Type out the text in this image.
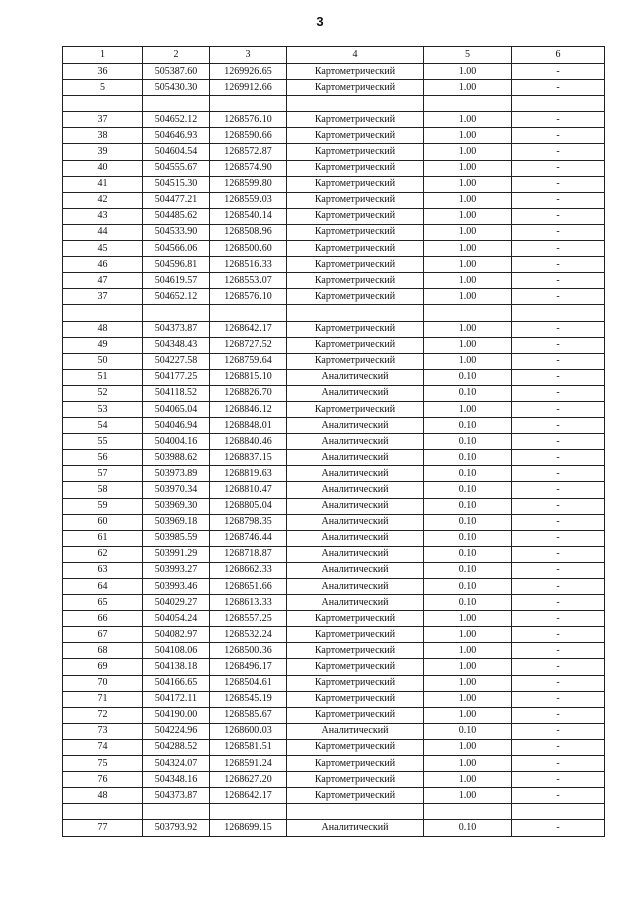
3
1	2	3	4	5	6
36	505387.60	1269926.65	Картометрический	1.00	-
5	505430.30	1269912.66	Картометрический	1.00	-

37	504652.12	1268576.10	Картометрический	1.00	-
38	504646.93	1268590.66	Картометрический	1.00	-
39	504604.54	1268572.87	Картометрический	1.00	-
40	504555.67	1268574.90	Картометрический	1.00	-
41	504515.30	1268599.80	Картометрический	1.00	-
42	504477.21	1268559.03	Картометрический	1.00	-
43	504485.62	1268540.14	Картометрический	1.00	-
44	504533.90	1268508.96	Картометрический	1.00	-
45	504566.06	1268500.60	Картометрический	1.00	-
46	504596.81	1268516.33	Картометрический	1.00	-
47	504619.57	1268553.07	Картометрический	1.00	-
37	504652.12	1268576.10	Картометрический	1.00	-

48	504373.87	1268642.17	Картометрический	1.00	-
49	504348.43	1268727.52	Картометрический	1.00	-
50	504227.58	1268759.64	Картометрический	1.00	-
51	504177.25	1268815.10	Аналитический	0.10	-
52	504118.52	1268826.70	Аналитический	0.10	-
53	504065.04	1268846.12	Картометрический	1.00	-
54	504046.94	1268848.01	Аналитический	0.10	-
55	504004.16	1268840.46	Аналитический	0.10	-
56	503988.62	1268837.15	Аналитический	0.10	-
57	503973.89	1268819.63	Аналитический	0.10	-
58	503970.34	1268810.47	Аналитический	0.10	-
59	503969.30	1268805.04	Аналитический	0.10	-
60	503969.18	1268798.35	Аналитический	0.10	-
61	503985.59	1268746.44	Аналитический	0.10	-
62	503991.29	1268718.87	Аналитический	0.10	-
63	503993.27	1268662.33	Аналитический	0.10	-
64	503993.46	1268651.66	Аналитический	0.10	-
65	504029.27	1268613.33	Аналитический	0.10	-
66	504054.24	1268557.25	Картометрический	1.00	-
67	504082.97	1268532.24	Картометрический	1.00	-
68	504108.06	1268500.36	Картометрический	1.00	-
69	504138.18	1268496.17	Картометрический	1.00	-
70	504166.65	1268504.61	Картометрический	1.00	-
71	504172.11	1268545.19	Картометрический	1.00	-
72	504190.00	1268585.67	Картометрический	1.00	-
73	504224.96	1268600.03	Аналитический	0.10	-
74	504288.52	1268581.51	Картометрический	1.00	-
75	504324.07	1268591.24	Картометрический	1.00	-
76	504348.16	1268627.20	Картометрический	1.00	-
48	504373.87	1268642.17	Картометрический	1.00	-

77	503793.92	1268699.15	Аналитический	0.10	-
